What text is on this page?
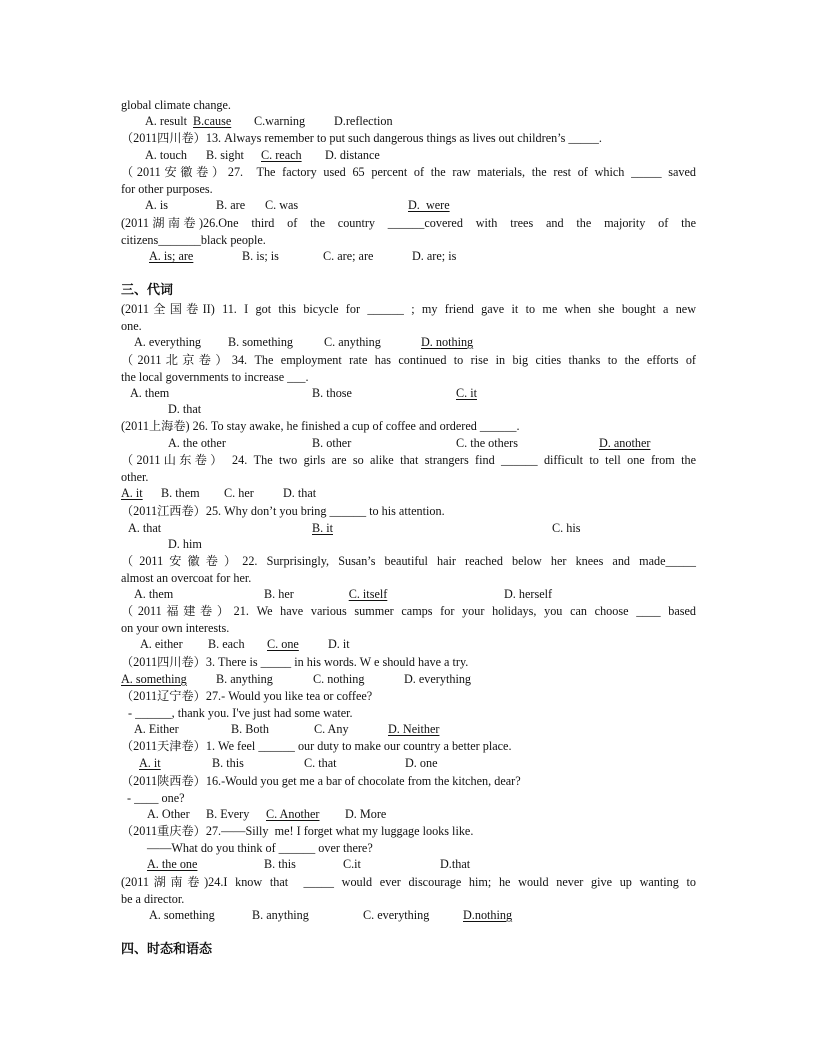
global climate change.
A. result B.cause C.warning D.reflection
（2011四川卷）13. Always remember to put such dangerous things as lives out children’s _____.
A. touch B. sight C. reach D. distance
（2011安徽卷）27.  The factory used 65 percent of the raw materials, the rest of which _____ saved
for other purposes.
A. is	B. are C. was	D.  were
(2011湖南卷)26.One  third  of  the  country  ______covered  with  trees  and  the  majority  of  the
citizens_______black people.
A. is; are	B. is; is	C. are; are	D. are; is
三、代词
(2011全国卷II) 11. I got this bicycle for ______ ; my friend gave it to me when she bought a new
one.
A. everything B. something	C. anything	D. nothing
（2011北京卷）34. The employment rate has continued to rise in big cities thanks to the efforts of
the local governments to increase ___.
A. them	B. those	C. it
D. that
(2011上海卷) 26. To stay awake, he finished a cup of coffee and ordered ______.
A. the other	B. other	C. the others	D. another
（2011山东卷） 24. The two girls are so alike that strangers find ______ difficult to tell one from the
other.
A. it B. them C. her D. that
（2011江西卷）25. Why don’t you bring ______ to his attention.
A. that	B. it	C. his
D. him
（2011安徽卷）22. Surprisingly, Susan’s beautiful hair reached below her knees and made_____
almost an overcoat for her.
A. them	B. her	C. itself	D. herself
（2011福建卷）21. We have various summer camps for your holidays, you can choose ____ based
on your own interests.
A. either B. each C. one D. it
（2011四川卷）3. There is _____ in his words. W e should have a try.
A. something B. anything	C. nothing	D. everything
（2011辽宁卷）27.- Would you like tea or coffee?
- ______, thank you. I've just had some water.
A. Either	B. Both	C. Any	D. Neither
（2011天津卷）1. We feel ______ our duty to make our country a better place.
A. it	B. this	C. that	D. one
（2011陕西卷）16.-Would you get me a bar of chocolate from the kitchen, dear?
- ____ one?
A. Other B. Every C. Another D. More
（2011重庆卷）27.——Silly  me! I forget what my luggage looks like.
——What do you think of ______ over there?
A. the one	B. this	C.it	D.that
(2011湖南卷)24.I know that  _____ would ever discourage him; he would never give up wanting to
be a director.
A. something	B. anything	C. everything	D.nothing
四、时态和语态
